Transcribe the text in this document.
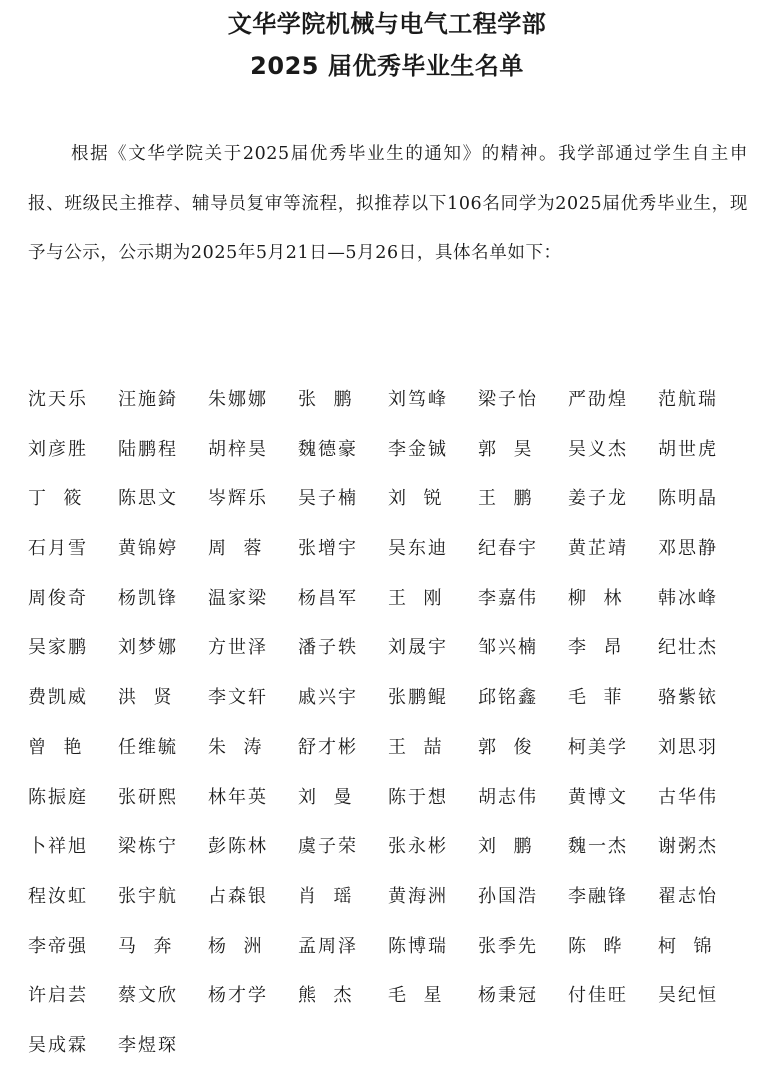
文华学院机械与电气工程学部
2025 届优秀毕业生名单

根据《文华学院关于2025届优秀毕业生的通知》的精神。我学部通过学生自主申报、班级民主推荐、辅导员复审等流程，拟推荐以下106名同学为2025届优秀毕业生，现予与公示，公示期为2025年5月21日—5月26日，具体名单如下：

沈天乐	汪施錡	朱娜娜	张  鹏	刘笃峰	梁子怡	严劭煌	范航瑞
刘彦胜	陆鹏程	胡梓昊	魏德豪	李金铖	郭  昊	吴义杰	胡世虎
丁  筱	陈思文	岑辉乐	吴子楠	刘  锐	王  鹏	姜子龙	陈明晶
石月雪	黄锦婷	周  蓉	张增宇	吴东迪	纪春宇	黄芷靖	邓思静
周俊奇	杨凯锋	温家梁	杨昌军	王  刚	李嘉伟	柳  林	韩冰峰
吴家鹏	刘梦娜	方世泽	潘子轶	刘晟宇	邹兴楠	李  昂	纪壮杰
费凯威	洪  贤	李文轩	戚兴宇	张鹏鲲	邱铭鑫	毛  菲	骆紫铱
曾  艳	任维毓	朱  涛	舒才彬	王  喆	郭  俊	柯美学	刘思羽
陈振庭	张研熙	林年英	刘  曼	陈于想	胡志伟	黄博文	古华伟
卜祥旭	梁栋宁	彭陈林	虞子荣	张永彬	刘  鹏	魏一杰	谢粥杰
程汝虹	张宇航	占森银	肖  瑶	黄海洲	孙国浩	李融锋	翟志怡
李帝强	马  奔	杨  洲	孟周泽	陈博瑞	张季先	陈  晔	柯  锦
许启芸	蔡文欣	杨才学	熊  杰	毛  星	杨秉冠	付佳旺	吴纪恒
吴成霖	李煜琛
